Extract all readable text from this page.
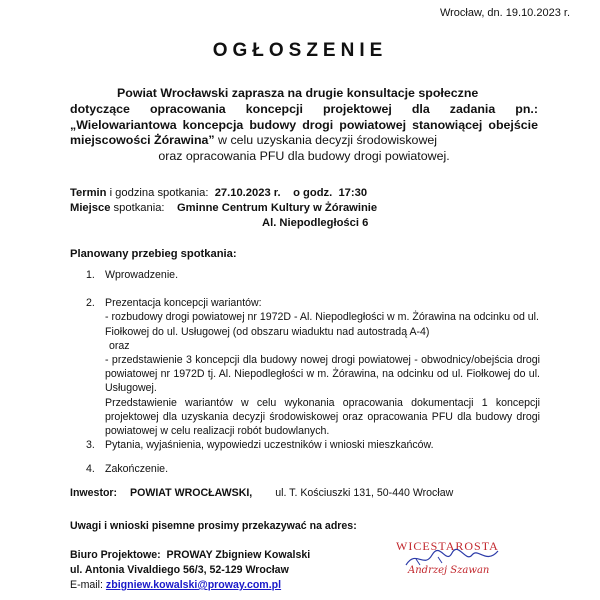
Wrocław, dn. 19.10.2023 r.
OGŁOSZENIE
Powiat Wrocławski zaprasza na drugie konsultacje społeczne
dotyczące opracowania koncepcji projektowej dla zadania pn.: „Wielowariantowa koncepcja budowy drogi powiatowej stanowiącej obejście miejscowości Żórawina” w celu uzyskania decyzji środowiskowej
oraz opracowania PFU dla budowy drogi powiatowej.
Termin i godzina spotkania: 27.10.2023 r. o godz. 17:30
Miejsce spotkania: Gminne Centrum Kultury w Żórawinie
Al. Niepodległości 6
Planowany przebieg spotkania:
1. Wprowadzenie.
2. Prezentacja koncepcji wariantów:
- rozbudowy drogi powiatowej nr 1972D - Al. Niepodległości w m. Żórawina na odcinku od ul. Fiołkowej do ul. Usługowej (od obszaru wiaduktu nad autostradą A-4)
oraz
- przedstawienie 3 koncepcji dla budowy nowej drogi powiatowej - obwodnicy/obejścia drogi powiatowej nr 1972D tj. Al. Niepodległości w m. Żórawina, na odcinku od ul. Fiołkowej do ul. Usługowej.
Przedstawienie wariantów w celu wykonania opracowania dokumentacji 1 koncepcji projektowej dla uzyskania decyzji środowiskowej oraz opracowania PFU dla budowy drogi powiatowej w celu realizacji robót budowlanych.
3. Pytania, wyjaśnienia, wypowiedzi uczestników i wnioski mieszkańców.
4. Zakończenie.
Inwestor: POWIAT WROCŁAWSKI, ul. T. Kościuszki 131, 50-440 Wrocław
Uwagi i wnioski pisemne prosimy przekazywać na adres:
Biuro Projektowe: PROWAY Zbigniew Kowalski
ul. Antonia Vivaldiego 56/3, 52-129 Wrocław
E-mail: zbigniew.kowalski@proway.com.pl
WICESTAROSTA
Andrzej Szawan
